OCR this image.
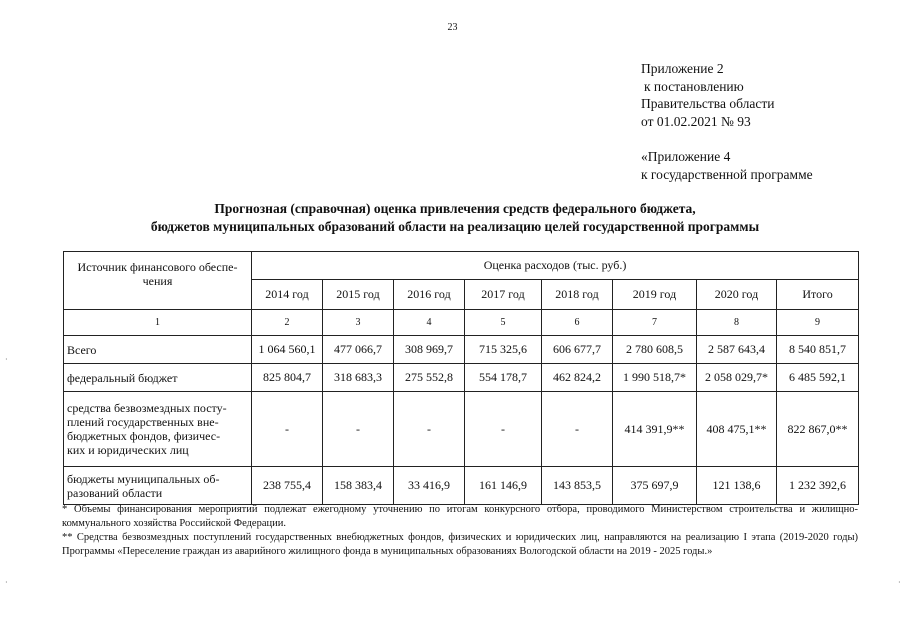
23
Приложение 2
к постановлению
Правительства области
от 01.02.2021 № 93
«Приложение 4
к государственной программе
Прогнозная (справочная) оценка привлечения средств федерального бюджета,
бюджетов муниципальных образований области на реализацию целей государственной программы
Источник финансового обеспе-
чения	Оценка расходов (тыс. руб.)							
	2014 год	2015 год	2016 год	2017 год	2018 год	2019 год	2020 год	Итого
1	2	3	4	5	6	7	8	9

Всего	1 064 560,1	477 066,7	308 969,7	715 325,6	606 677,7	2 780 608,5	2 587 643,4	8 540 851,7

федеральный бюджет	825 804,7	318 683,3	275 552,8	554 178,7	462 824,2	1 990 518,7*	2 058 029,7*	6 485 592,1

средства безвозмездных посту-
плений государственных вне-
бюджетных фондов, физичес-
ких и юридических лиц	-	-	-	-	-	414 391,9**	408 475,1**	822 867,0**

бюджеты муниципальных об-
разований области	238 755,4	158 383,4	33 416,9	161 146,9	143 853,5	375 697,9	121 138,6	1 232 392,6
* Объемы финансирования мероприятий подлежат ежегодному уточнению по итогам конкурсного отбора, проводимого Министерством строительства и жилищно-коммунального хозяйства Российской Федерации.
** Средства безвозмездных поступлений государственных внебюджетных фондов, физических и юридических лиц, направляются на реализацию I этапа (2019-2020 годы) Программы «Переселение граждан из аварийного жилищного фонда в муниципальных образованиях Вологодской области на 2019 - 2025 годы.»
·
·	·
